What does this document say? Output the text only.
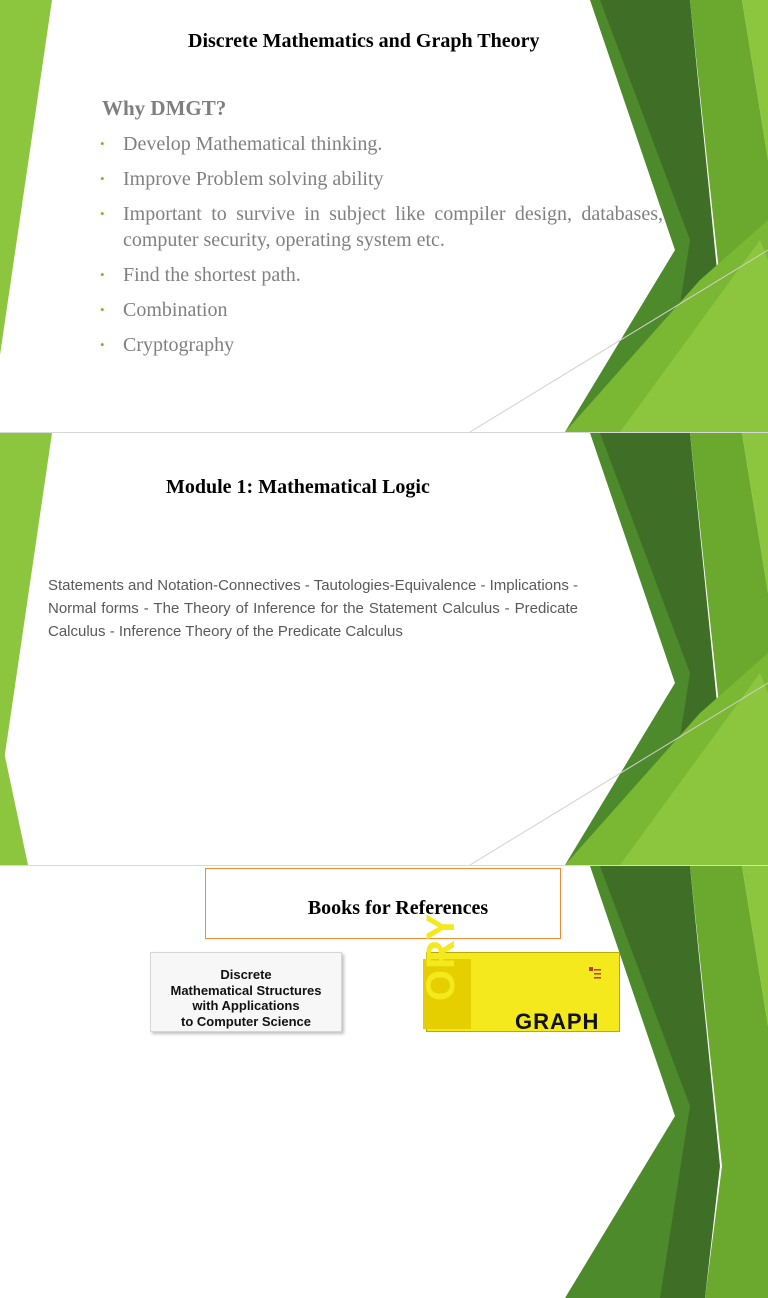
Discrete Mathematics and Graph Theory
Why DMGT?
• Develop Mathematical thinking.
• Improve Problem solving ability
• Important to survive in subject like compiler design, databases, computer security, operating system etc.
• Find the shortest path.
• Combination
• Cryptography
Module 1: Mathematical Logic

Statements and Notation-Connectives - Tautologies-Equivalence - Implications - Normal forms - The Theory of Inference for the Statement Calculus - Predicate Calculus - Inference Theory of the Predicate Calculus

Books for References
Discrete
Mathematical Structures
with Applications
to Computer Science
ORY
GRAPH
